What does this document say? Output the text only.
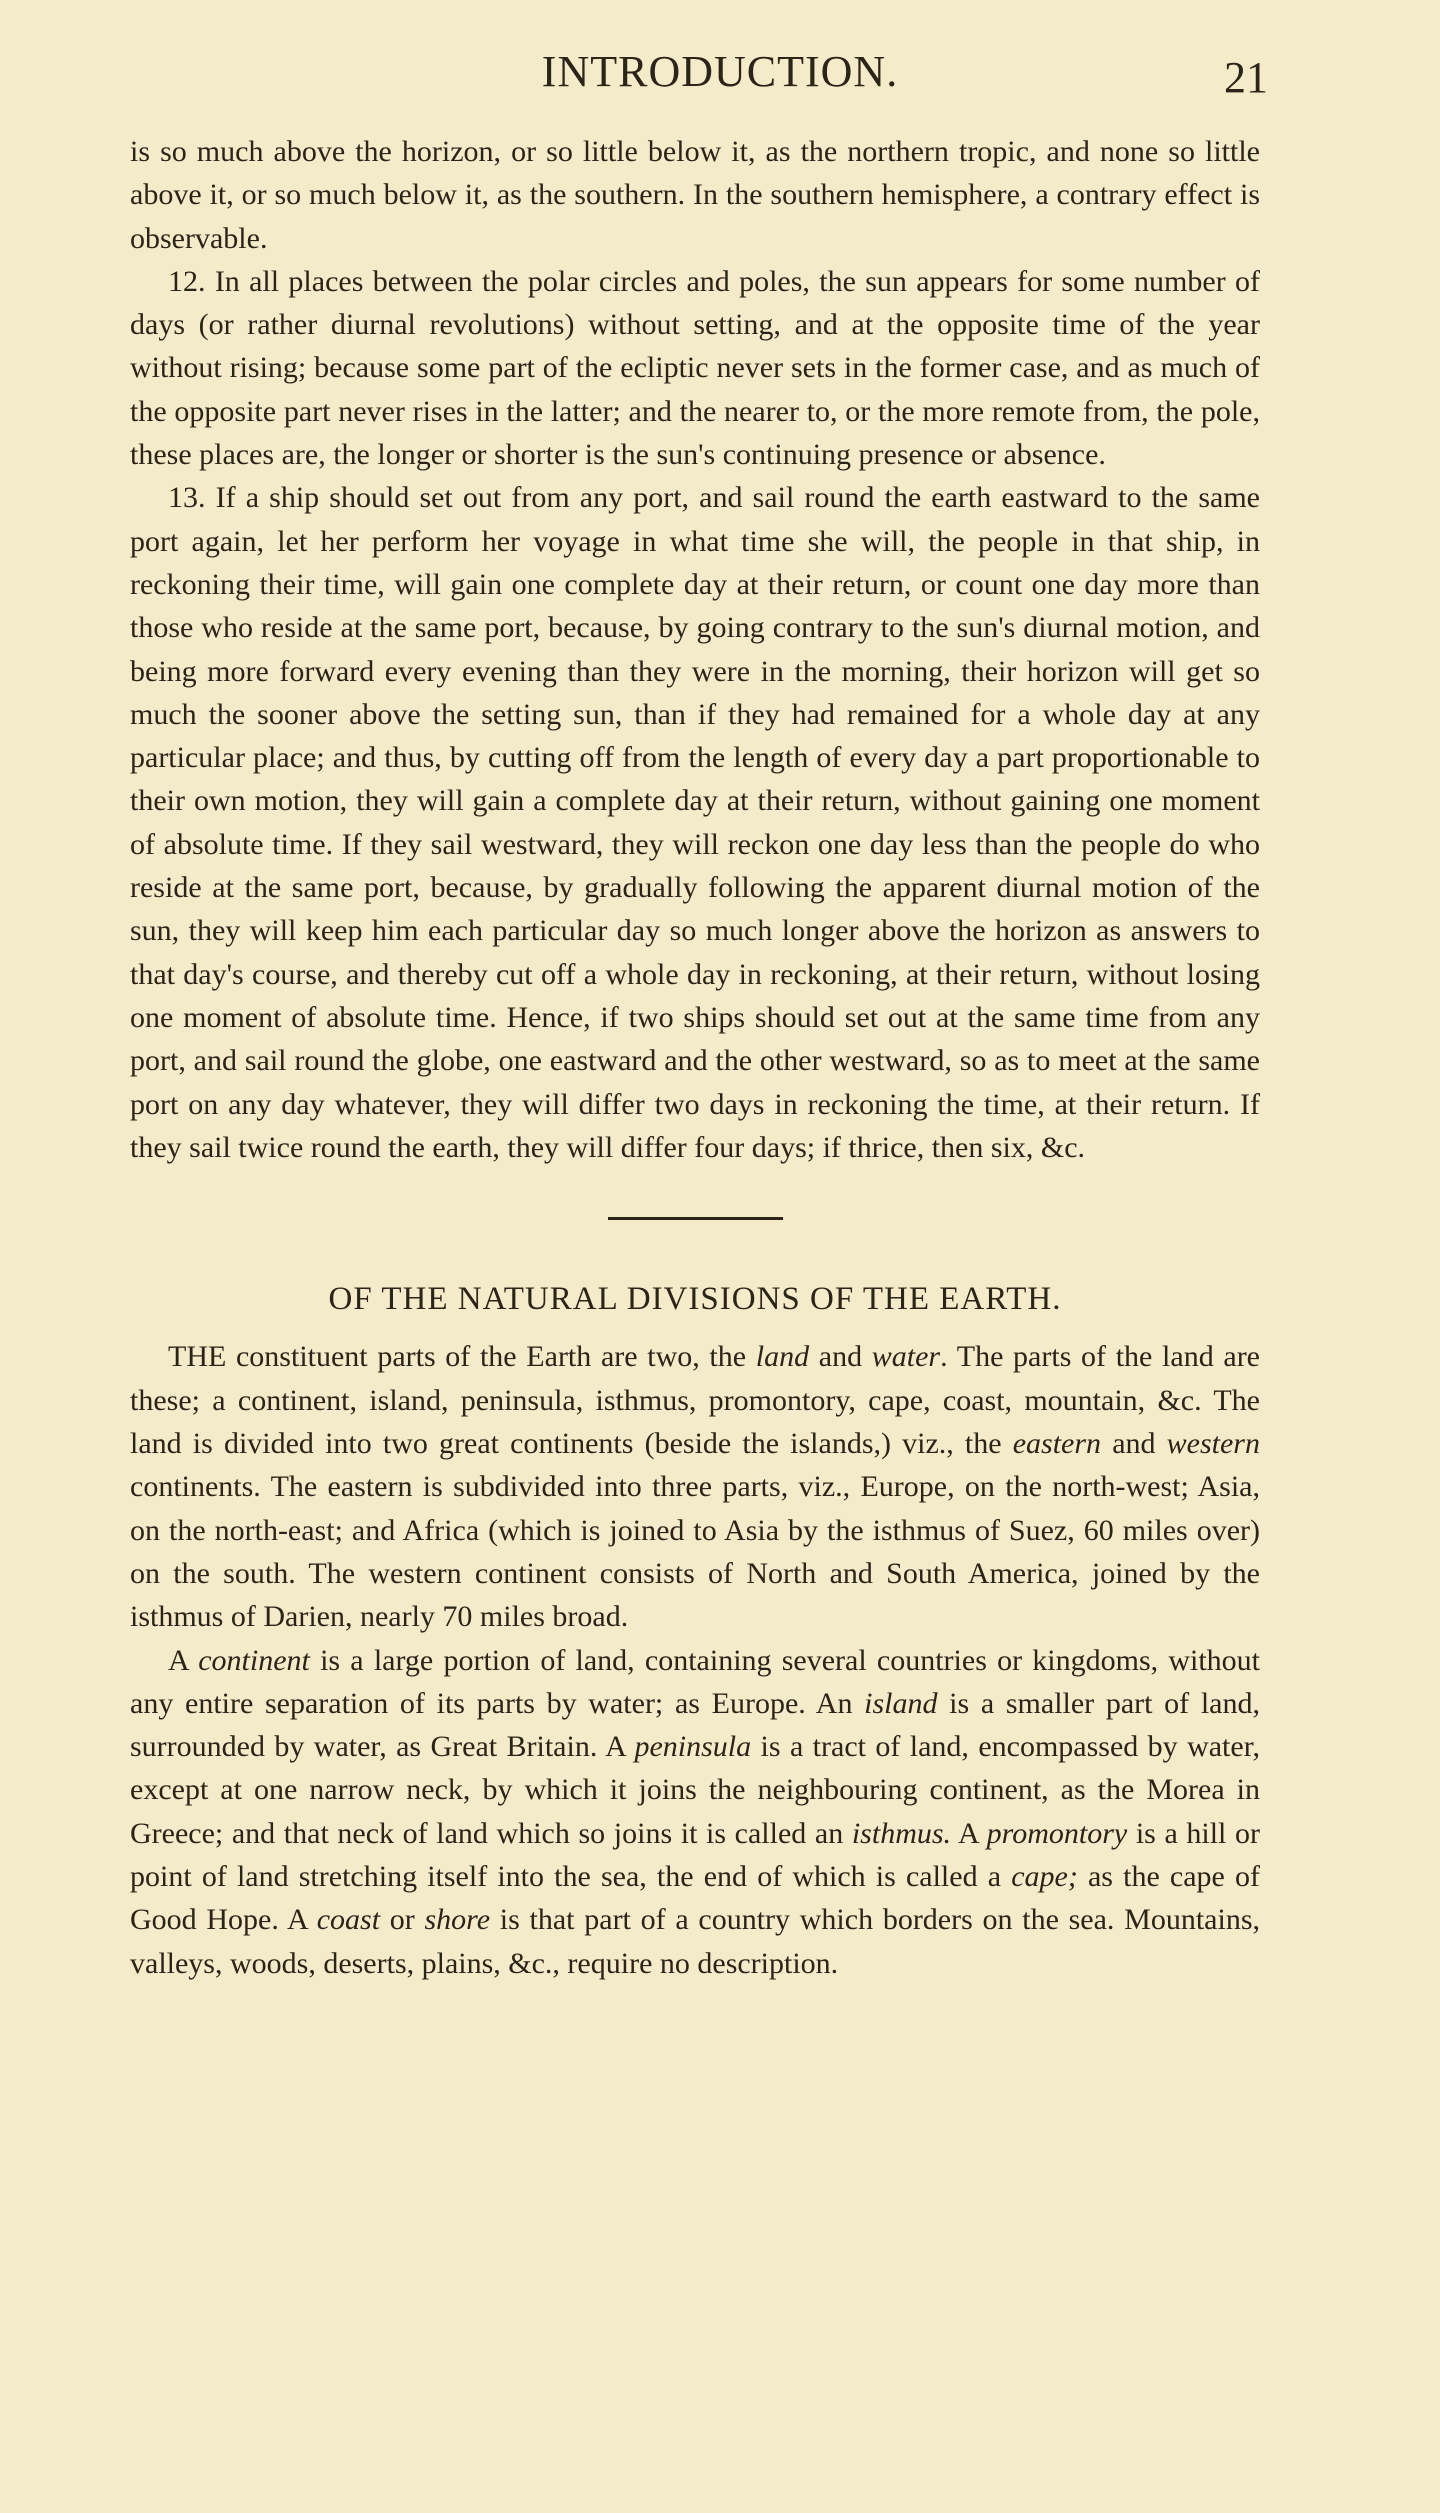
INTRODUCTION.	21

is so much above the horizon, or so little below it, as the northern tropic, and none so little above it, or so much below it, as the southern. In the southern hemisphere, a contrary effect is observable.

12. In all places between the polar circles and poles, the sun appears for some number of days (or rather diurnal revolutions) without setting, and at the opposite time of the year without rising; because some part of the ecliptic never sets in the former case, and as much of the opposite part never rises in the latter; and the nearer to, or the more remote from, the pole, these places are, the longer or shorter is the sun's continuing presence or absence.

13. If a ship should set out from any port, and sail round the earth eastward to the same port again, let her perform her voyage in what time she will, the people in that ship, in reckoning their time, will gain one complete day at their return, or count one day more than those who reside at the same port, because, by going contrary to the sun's diurnal motion, and being more forward every evening than they were in the morning, their horizon will get so much the sooner above the setting sun, than if they had remained for a whole day at any particular place; and thus, by cutting off from the length of every day a part proportionable to their own motion, they will gain a complete day at their return, without gaining one moment of absolute time. If they sail westward, they will reckon one day less than the people do who reside at the same port, because, by gradually following the apparent diurnal motion of the sun, they will keep him each particular day so much longer above the horizon as answers to that day's course, and thereby cut off a whole day in reckoning, at their return, without losing one moment of absolute time. Hence, if two ships should set out at the same time from any port, and sail round the globe, one eastward and the other westward, so as to meet at the same port on any day whatever, they will differ two days in reckoning the time, at their return. If they sail twice round the earth, they will differ four days; if thrice, then six, &c.

OF THE NATURAL DIVISIONS OF THE EARTH.

THE constituent parts of the Earth are two, the land and water. The parts of the land are these; a continent, island, peninsula, isthmus, promontory, cape, coast, mountain, &c. The land is divided into two great continents (beside the islands,) viz., the eastern and western continents. The eastern is subdivided into three parts, viz., Europe, on the north-west; Asia, on the north-east; and Africa (which is joined to Asia by the isthmus of Suez, 60 miles over) on the south. The western continent consists of North and South America, joined by the isthmus of Darien, nearly 70 miles broad.

A continent is a large portion of land, containing several countries or kingdoms, without any entire separation of its parts by water; as Europe. An island is a smaller part of land, surrounded by water, as Great Britain. A peninsula is a tract of land, encompassed by water, except at one narrow neck, by which it joins the neighbouring continent, as the Morea in Greece; and that neck of land which so joins it is called an isthmus. A promontory is a hill or point of land stretching itself into the sea, the end of which is called a cape; as the cape of Good Hope. A coast or shore is that part of a country which borders on the sea. Mountains, valleys, woods, deserts, plains, &c., require no description.
